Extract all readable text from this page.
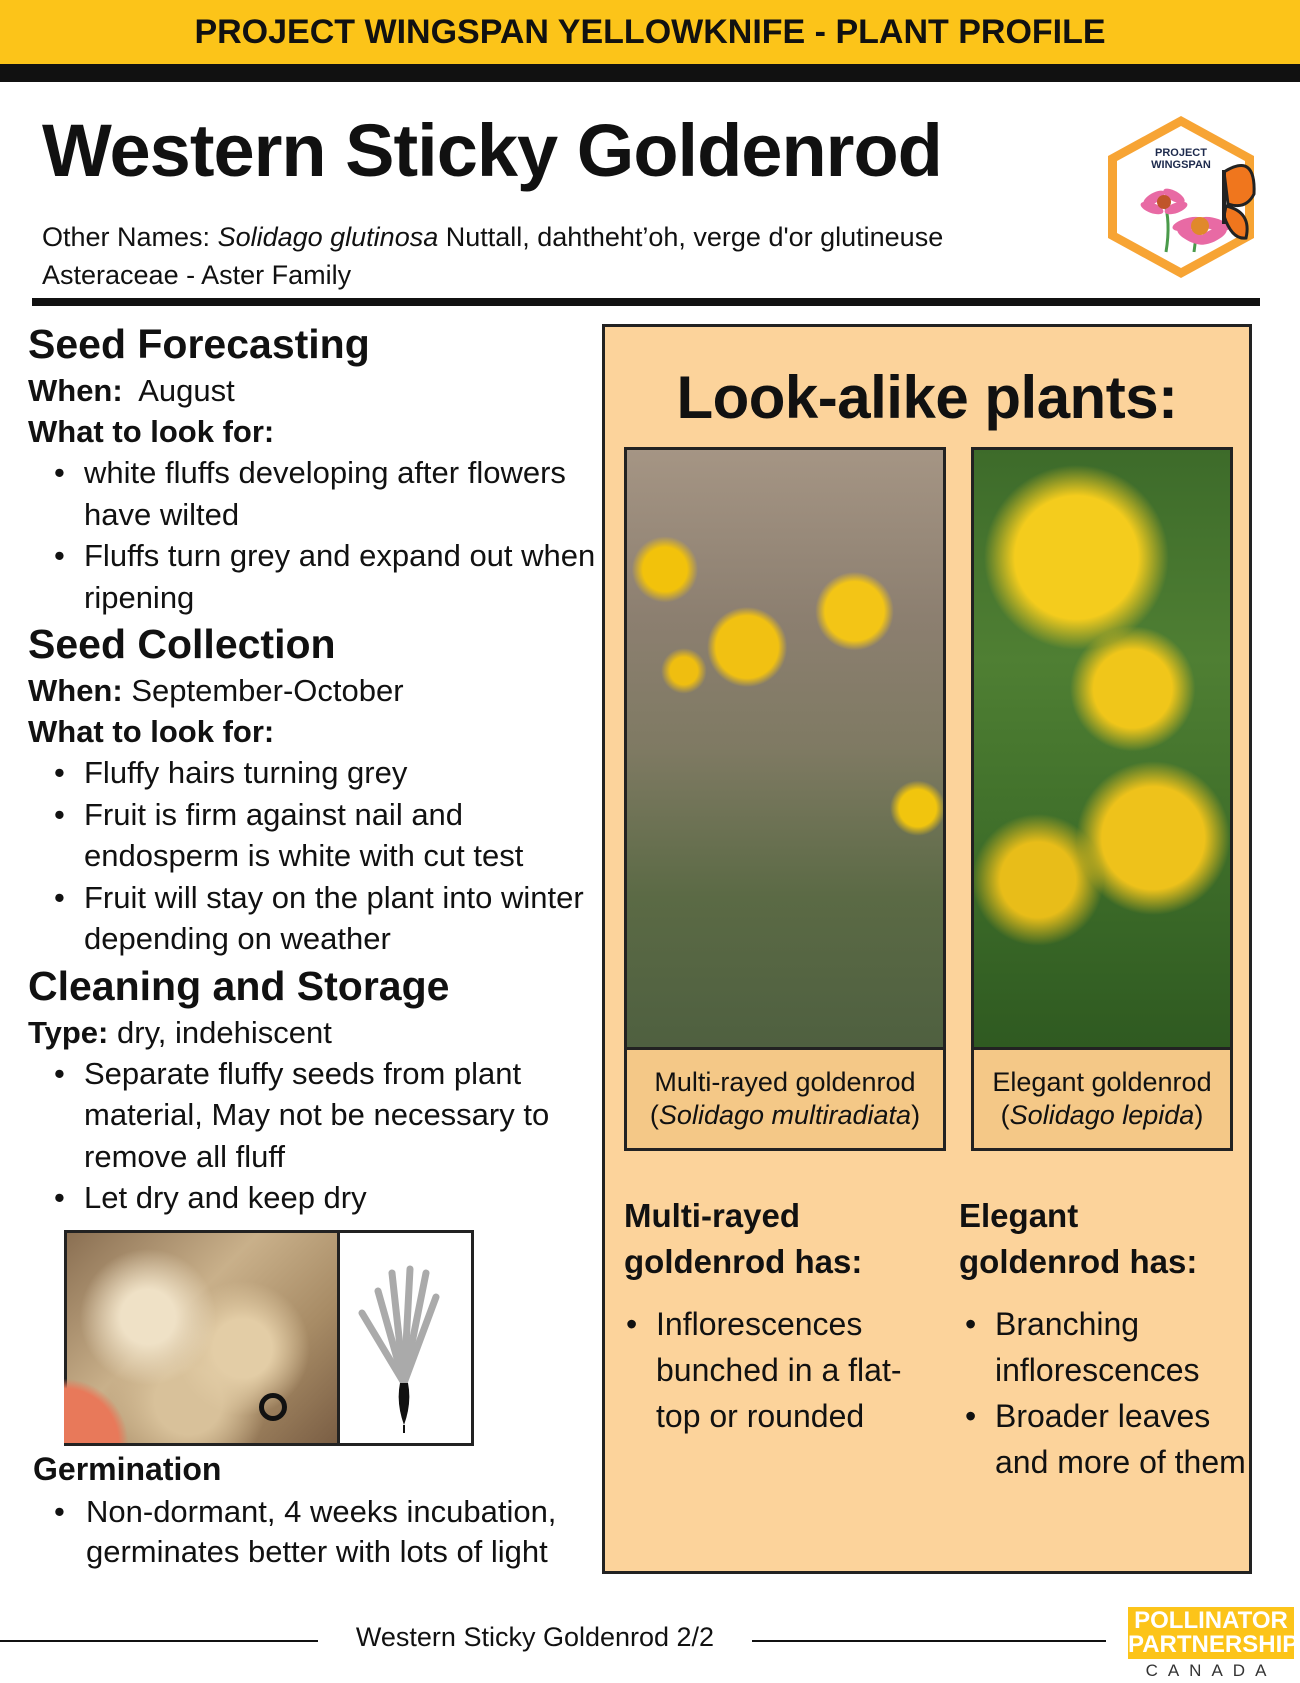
PROJECT WINGSPAN YELLOWKNIFE - PLANT PROFILE
Western Sticky Goldenrod
Other Names: Solidago glutinosa Nuttall, dahtheht’oh, verge d'or glutineuse
Asteraceae - Aster Family
PROJECT
WINGSPAN
Seed Forecasting
When: August
What to look for:
• white fluffs developing after flowers have wilted
• Fluffs turn grey and expand out when ripening
Seed Collection
When: September-October
What to look for:
• Fluffy hairs turning grey
• Fruit is firm against nail and endosperm is white with cut test
• Fruit will stay on the plant into winter depending on weather
Cleaning and Storage
Type: dry, indehiscent
• Separate fluffy seeds from plant material, May not be necessary to remove all fluff
• Let dry and keep dry
Germination
• Non-dormant, 4 weeks incubation, germinates better with lots of light
Look-alike plants:
Multi-rayed goldenrod
(Solidago multiradiata)
Elegant goldenrod
(Solidago lepida)
Multi-rayed
goldenrod has:
• Inflorescences bunched in a flat-top or rounded
Elegant
goldenrod has:
• Branching inflorescences
• Broader leaves and more of them
Western Sticky Goldenrod 2/2
POLLINATOR
PARTNERSHIP
CANADA
